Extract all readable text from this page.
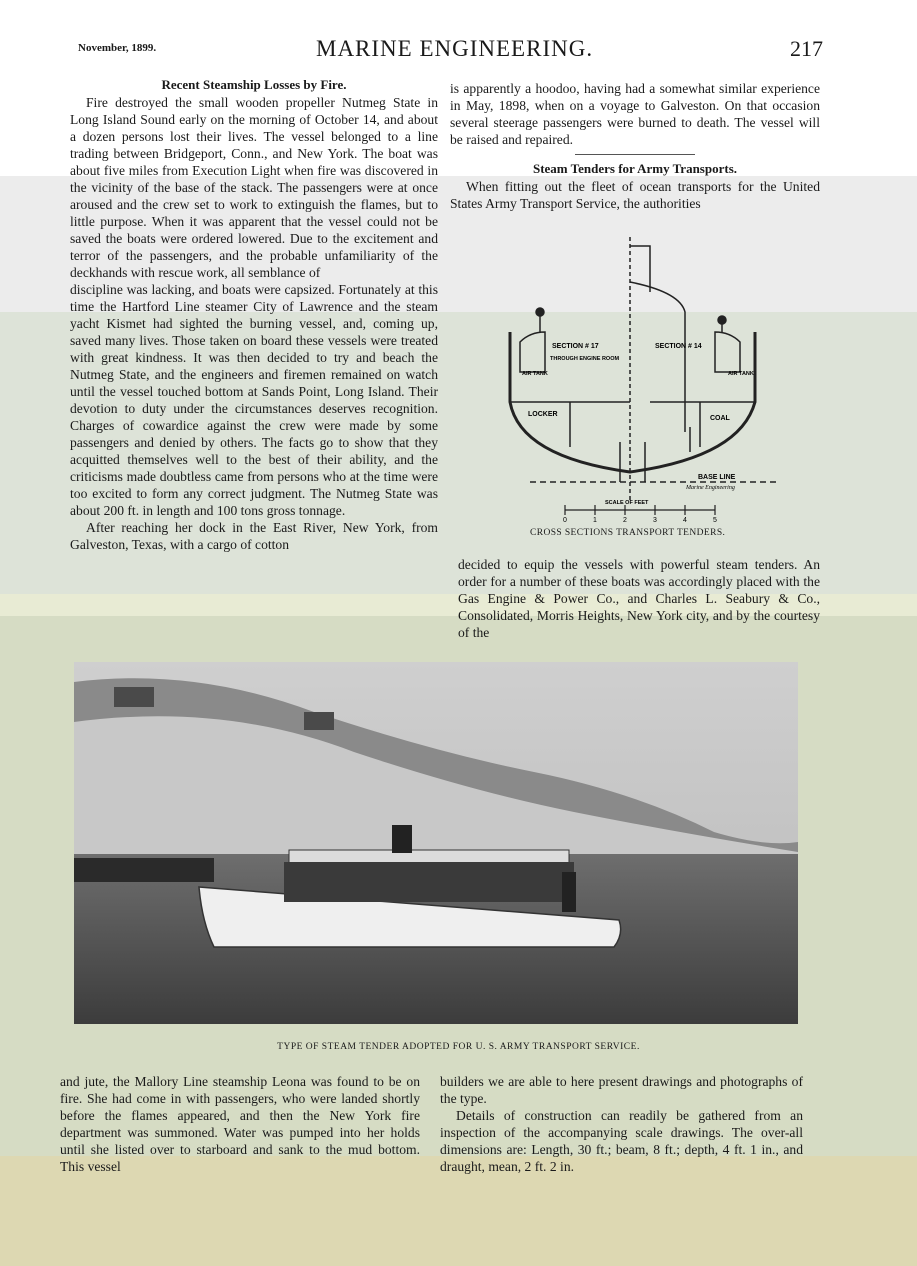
November, 1899.	MARINE ENGINEERING.	217
Recent Steamship Losses by Fire.

Fire destroyed the small wooden propeller Nutmeg State in Long Island Sound early on the morning of October 14, and about a dozen persons lost their lives. The vessel belonged to a line trading between Bridgeport, Conn., and New York. The boat was about five miles from Execution Light when fire was discovered in the vicinity of the base of the stack. The passengers were at once aroused and the crew set to work to extinguish the flames, but to little purpose. When it was apparent that the vessel could not be saved the boats were ordered lowered. Due to the excitement and terror of the passengers, and the probable unfamiliarity of the deckhands with rescue work, all semblance of

discipline was lacking, and boats were capsized. Fortunately at this time the Hartford Line steamer City of Lawrence and the steam yacht Kismet had sighted the burning vessel, and, coming up, saved many lives. Those taken on board these vessels were treated with great kindness. It was then decided to try and beach the Nutmeg State, and the engineers and firemen remained on watch until the vessel touched bottom at Sands Point, Long Island. Their devotion to duty under the circumstances deserves recognition. Charges of cowardice against the crew were made by some passengers and denied by others. The facts go to show that they acquitted themselves well to the best of their ability, and the criticisms made doubtless came from persons who at the time were too excited to form any correct judgment. The Nutmeg State was about 200 ft. in length and 100 tons gross tonnage.

After reaching her dock in the East River, New York, from Galveston, Texas, with a cargo of cotton

is apparently a hoodoo, having had a somewhat similar experience in May, 1898, when on a voyage to Galveston. On that occasion several steerage passengers were burned to death. The vessel will be raised and repaired.

Steam Tenders for Army Transports.

When fitting out the fleet of ocean transports for the United States Army Transport Service, the authorities

SECTION # 17
THROUGH ENGINE ROOM
SECTION # 14
AIR TANK	AIR TANK
LOCKER
COAL
BASE LINE
Marine Engineering
SCALE OF FEET
0	1	2	3	4	5
CROSS SECTIONS TRANSPORT TENDERS.

decided to equip the vessels with powerful steam tenders. An order for a number of these boats was accordingly placed with the Gas Engine & Power Co., and Charles L. Seabury & Co., Consolidated, Morris Heights, New York city, and by the courtesy of the

TYPE OF STEAM TENDER ADOPTED FOR U. S. ARMY TRANSPORT SERVICE.

and jute, the Mallory Line steamship Leona was found to be on fire. She had come in with passengers, who were landed shortly before the flames appeared, and then the New York fire department was summoned. Water was pumped into her holds until she listed over to starboard and sank to the mud bottom. This vessel

builders we are able to here present drawings and photographs of the type.

Details of construction can readily be gathered from an inspection of the accompanying scale drawings. The over-all dimensions are: Length, 30 ft.; beam, 8 ft.; depth, 4 ft. 1 in., and draught, mean, 2 ft. 2 in.
